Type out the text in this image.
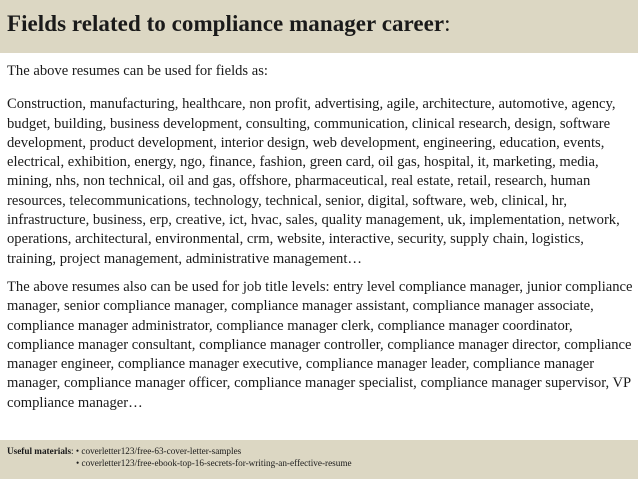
Fields related to compliance manager career:

The above resumes can be used for fields as:

Construction, manufacturing, healthcare, non profit, advertising, agile, architecture, automotive, agency, budget, building, business development, consulting, communication, clinical research, design, software development, product development, interior design, web development, engineering, education, events, electrical, exhibition, energy, ngo, finance, fashion, green card, oil gas, hospital, it, marketing, media, mining, nhs, non technical, oil and gas, offshore, pharmaceutical, real estate, retail, research, human resources, telecommunications, technology, technical, senior, digital, software, web, clinical, hr, infrastructure, business, erp, creative, ict, hvac, sales, quality management, uk, implementation, network, operations, architectural, environmental, crm, website, interactive, security, supply chain, logistics, training, project management, administrative management…

The above resumes also can be used for job title levels: entry level compliance manager, junior compliance manager, senior compliance manager, compliance manager assistant, compliance manager associate, compliance manager administrator, compliance manager clerk, compliance manager coordinator, compliance manager consultant, compliance manager controller, compliance manager director, compliance manager engineer, compliance manager executive, compliance manager leader, compliance manager manager, compliance manager officer, compliance manager specialist, compliance manager supervisor, VP compliance manager…

Useful materials: • coverletter123/free-63-cover-letter-samples
• coverletter123/free-ebook-top-16-secrets-for-writing-an-effective-resume
